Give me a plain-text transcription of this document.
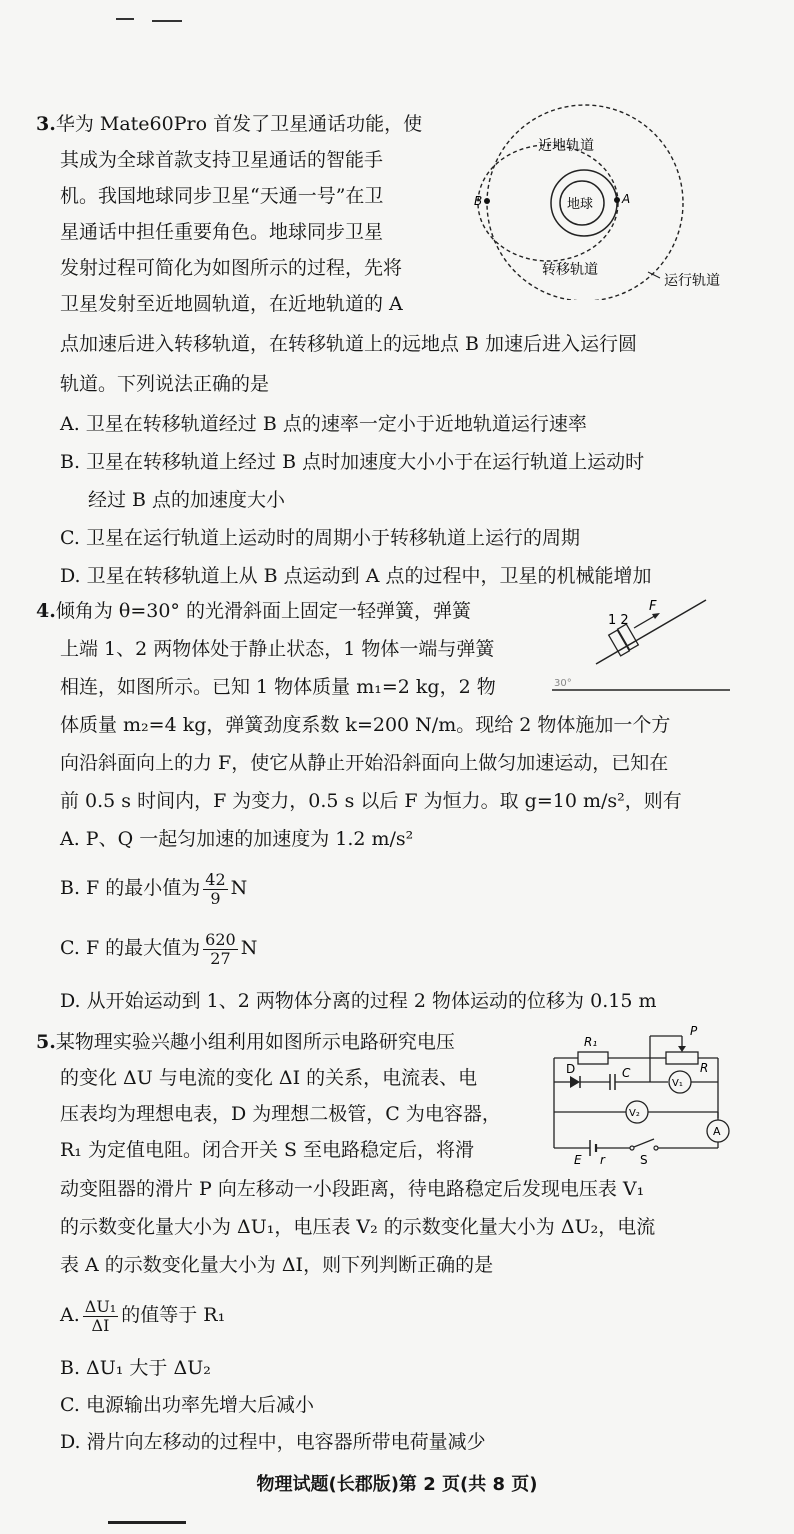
3.华为 Mate60Pro 首发了卫星通话功能，使
其成为全球首款支持卫星通话的智能手
机。我国地球同步卫星“天通一号”在卫
星通话中担任重要角色。地球同步卫星
发射过程可简化为如图所示的过程，先将
卫星发射至近地圆轨道，在近地轨道的 A
点加速后进入转移轨道，在转移轨道上的远地点 B 加速后进入运行圆
轨道。下列说法正确的是
A. 卫星在转移轨道经过 B 点的速率一定小于近地轨道运行速率
B. 卫星在转移轨道上经过 B 点时加速度大小小于在运行轨道上运动时
经过 B 点的加速度大小
C. 卫星在运行轨道上运动时的周期小于转移轨道上运行的周期
D. 卫星在转移轨道上从 B 点运动到 A 点的过程中，卫星的机械能增加
近地轨道
地球 A
B
转移轨道
运行轨道
4.倾角为 θ=30° 的光滑斜面上固定一轻弹簧，弹簧
上端 1、2 两物体处于静止状态，1 物体一端与弹簧
相连，如图所示。已知 1 物体质量 m₁=2 kg，2 物
体质量 m₂=4 kg，弹簧劲度系数 k=200 N/m。现给 2 物体施加一个方
向沿斜面向上的力 F，使它从静止开始沿斜面向上做匀加速运动，已知在
前 0.5 s 时间内，F 为变力，0.5 s 以后 F 为恒力。取 g=10 m/s²，则有
A. P、Q 一起匀加速的加速度为 1.2 m/s²
B. F 的最小值为 $\frac{42}{9}$ N
C. F 的最大值为 $\frac{620}{27}$ N
D. 从开始运动到 1、2 两物体分离的过程 2 物体运动的位移为 0.15 m
1 2
F
30°
5.某物理实验兴趣小组利用如图所示电路研究电压
的变化 ΔU 与电流的变化 ΔI 的关系，电流表、电
压表均为理想电表，D 为理想二极管，C 为电容器，
R₁ 为定值电阻。闭合开关 S 至电路稳定后，将滑
动变阻器的滑片 P 向左移动一小段距离，待电路稳定后发现电压表 V₁
的示数变化量大小为 ΔU₁，电压表 V₂ 的示数变化量大小为 ΔU₂，电流
表 A 的示数变化量大小为 ΔI，则下列判断正确的是
A. $\frac{\text{ΔU₁}}{\Delta I}$ 的值等于 R₁
B. ΔU₁ 大于 ΔU₂
C. 电源输出功率先增大后减小
D. 滑片向左移动的过程中，电容器所带电荷量减少
R₁
P
R
D	C
V₁
V₂
A
E r	S
物理试题(长郡版)第 2 页(共 8 页)
